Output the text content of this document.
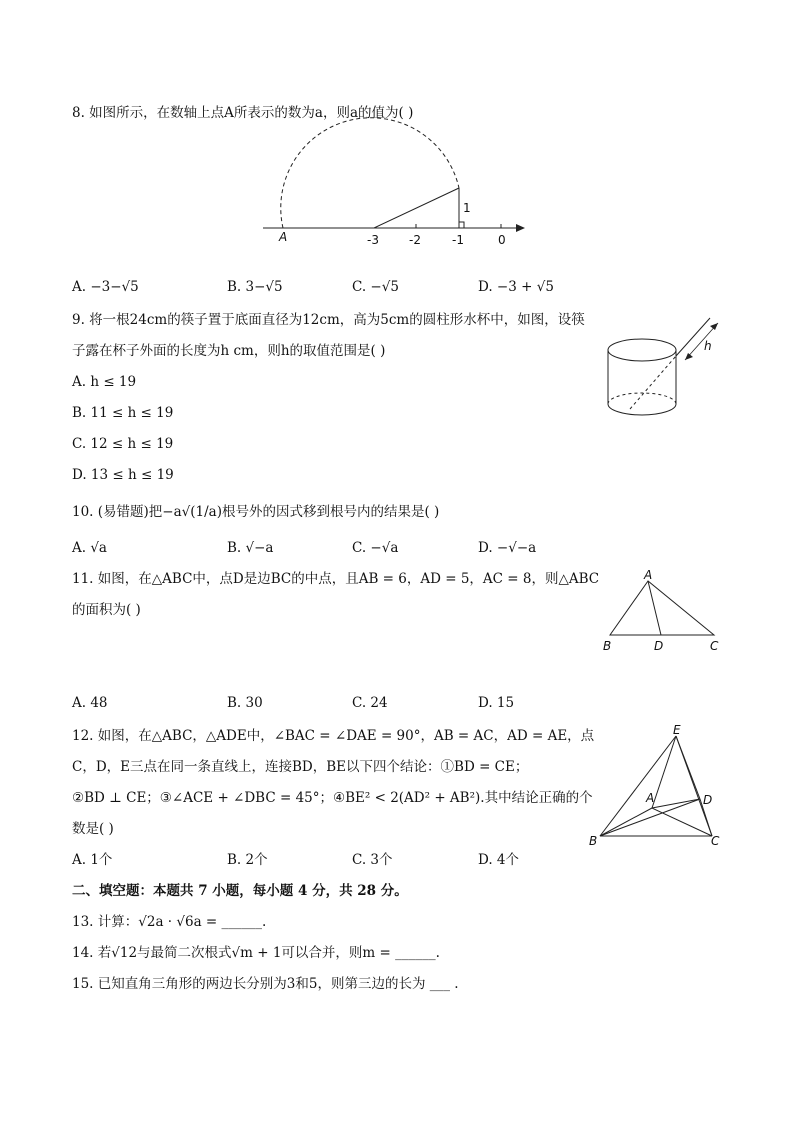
8. 如图所示，在数轴上点A所表示的数为a，则a的值为( )
A	-3	-2	-1	0
1
A. −3−√5	B. 3−√5	C. −√5	D. −3 + √5
9. 将一根24cm的筷子置于底面直径为12cm，高为5cm的圆柱形水杯中，如图，设筷
子露在杯子外面的长度为h cm，则h的取值范围是( )	h
A. h ≤ 19
B. 11 ≤ h ≤ 19
C. 12 ≤ h ≤ 19
D. 13 ≤ h ≤ 19
10. (易错题)把−a√(1/a)根号外的因式移到根号内的结果是( )
A. √a	B. √−a	C. −√a	D. −√−a
11. 如图，在△ABC中，点D是边BC的中点，且AB = 6，AD = 5，AC = 8，则△ABC
的面积为( )
A
B	D	C
A. 48	B. 30	C. 24	D. 15
12. 如图，在△ABC，△ADE中，∠BAC = ∠DAE = 90°，AB = AC，AD = AE，点
C，D，E三点在同一条直线上，连接BD，BE以下四个结论：①BD = CE；
②BD ⊥ CE；③∠ACE + ∠DBC = 45°；④BE² < 2(AD² + AB²).其中结论正确的个
数是( )
E
A	D
B	C
A. 1个	B. 2个	C. 3个	D. 4个
二、填空题：本题共 7 小题，每小题 4 分，共 28 分。
13. 计算：√2a · √6a = ______.
14. 若√12与最简二次根式√m + 1可以合并，则m = ______.
15. 已知直角三角形的两边长分别为3和5，则第三边的长为 ___ .
